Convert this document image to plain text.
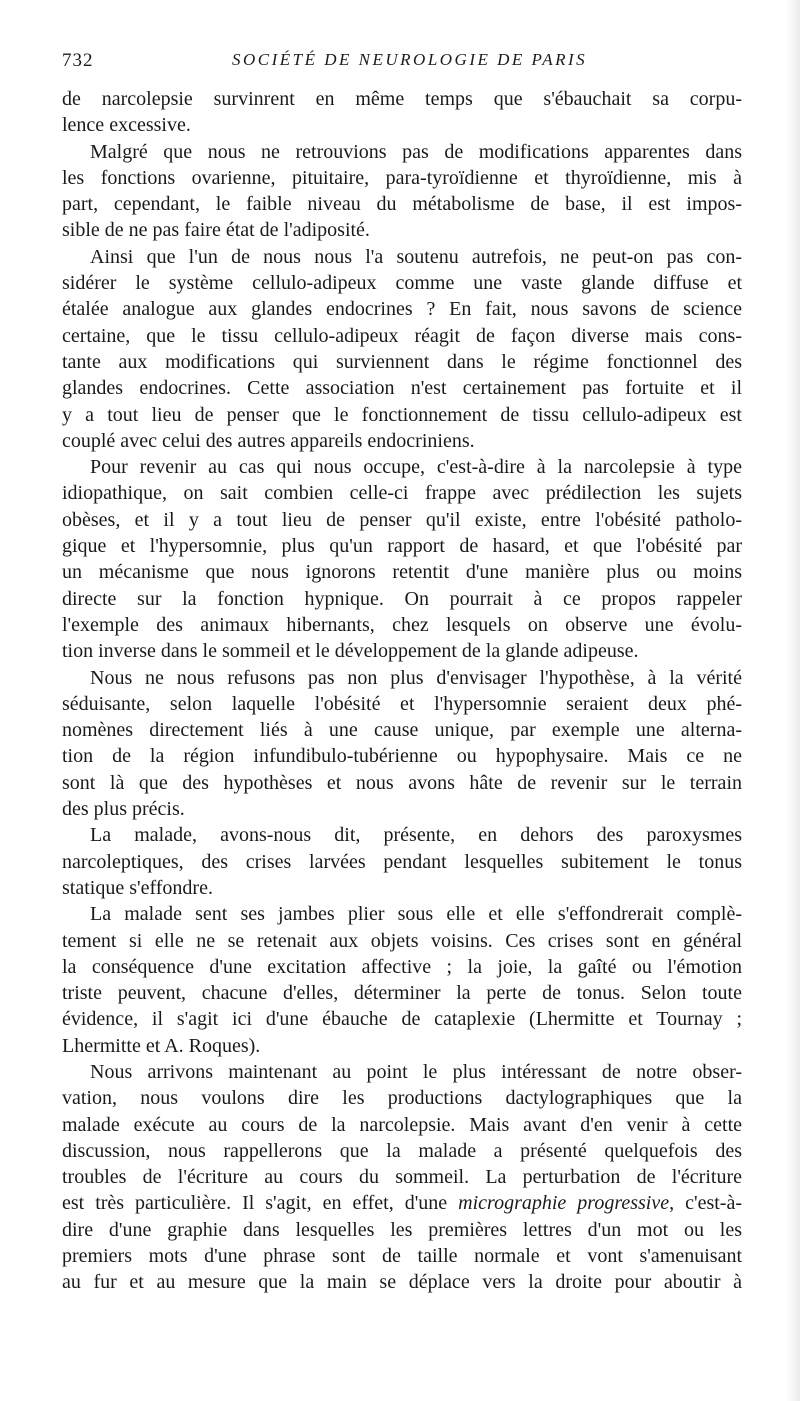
732	SOCIÉTÉ DE NEUROLOGIE DE PARIS
de narcolepsie survinrent en même temps que s'ébauchait sa corpu-
lence excessive.
Malgré que nous ne retrouvions pas de modifications apparentes dans
les fonctions ovarienne, pituitaire, para-tyroïdienne et thyroïdienne, mis à
part, cependant, le faible niveau du métabolisme de base, il est impos-
sible de ne pas faire état de l'adiposité.
Ainsi que l'un de nous nous l'a soutenu autrefois, ne peut-on pas con-
sidérer le système cellulo-adipeux comme une vaste glande diffuse et
étalée analogue aux glandes endocrines ? En fait, nous savons de science
certaine, que le tissu cellulo-adipeux réagit de façon diverse mais cons-
tante aux modifications qui surviennent dans le régime fonctionnel des
glandes endocrines. Cette association n'est certainement pas fortuite et il
y a tout lieu de penser que le fonctionnement de tissu cellulo-adipeux est
couplé avec celui des autres appareils endocriniens.
Pour revenir au cas qui nous occupe, c'est-à-dire à la narcolepsie à type
idiopathique, on sait combien celle-ci frappe avec prédilection les sujets
obèses, et il y a tout lieu de penser qu'il existe, entre l'obésité patholo-
gique et l'hypersomnie, plus qu'un rapport de hasard, et que l'obésité par
un mécanisme que nous ignorons retentit d'une manière plus ou moins
directe sur la fonction hypnique. On pourrait à ce propos rappeler
l'exemple des animaux hibernants, chez lesquels on observe une évolu-
tion inverse dans le sommeil et le développement de la glande adipeuse.
Nous ne nous refusons pas non plus d'envisager l'hypothèse, à la vérité
séduisante, selon laquelle l'obésité et l'hypersomnie seraient deux phé-
nomènes directement liés à une cause unique, par exemple une alterna-
tion de la région infundibulo-tubérienne ou hypophysaire. Mais ce ne
sont là que des hypothèses et nous avons hâte de revenir sur le terrain
des plus précis.
La malade, avons-nous dit, présente, en dehors des paroxysmes
narcoleptiques, des crises larvées pendant lesquelles subitement le tonus
statique s'effondre.
La malade sent ses jambes plier sous elle et elle s'effondrerait complè-
tement si elle ne se retenait aux objets voisins. Ces crises sont en général
la conséquence d'une excitation affective ; la joie, la gaîté ou l'émotion
triste peuvent, chacune d'elles, déterminer la perte de tonus. Selon toute
évidence, il s'agit ici d'une ébauche de cataplexie (Lhermitte et Tournay ;
Lhermitte et A. Roques).
Nous arrivons maintenant au point le plus intéressant de notre obser-
vation, nous voulons dire les productions dactylographiques que la
malade exécute au cours de la narcolepsie. Mais avant d'en venir à cette
discussion, nous rappellerons que la malade a présenté quelquefois des
troubles de l'écriture au cours du sommeil. La perturbation de l'écriture
est très particulière. Il s'agit, en effet, d'une micrographie progressive, c'est-à-
dire d'une graphie dans lesquelles les premières lettres d'un mot ou les
premiers mots d'une phrase sont de taille normale et vont s'amenuisant
au fur et au mesure que la main se déplace vers la droite pour aboutir à
